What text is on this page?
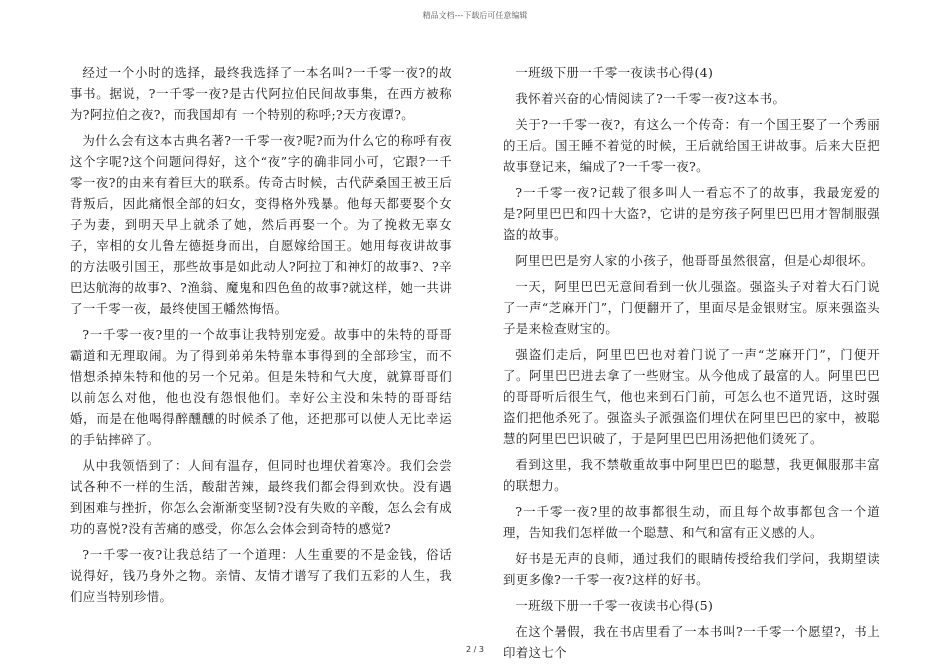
精品文档---下载后可任意编辑

经过一个小时的选择，最终我选择了一本名叫?一千零一夜?的故事书。据说，?一千零一夜?是古代阿拉伯民间故事集，在西方被称为?阿拉伯之夜?，而我国却有 一个特别的称呼;?天方夜谭?。

为什么会有这本古典名著?一千零一夜?呢?而为什么它的称呼有夜这个字呢?这个问题问得好，这个“夜”字的确非同小可，它跟?一千零一夜?的由来有着巨大的联系。传奇古时候，古代萨桑国王被王后背叛后，因此痛恨全部的妇女，变得格外残暴。他每天都要娶个女子为妻，到明天早上就杀了她，然后再娶一个。为了挽救无辜女子，宰相的女儿鲁左德挺身而出，自愿嫁给国王。她用每夜讲故事的方法吸引国王，那些故事是如此动人?阿拉丁和神灯的故事?、?辛巴达航海的故事?、?渔翁、魔鬼和四色鱼的故事?就这样，她一共讲了一千零一夜，最终使国王幡然悔悟。

?一千零一夜?里的一个故事让我特别宠爱。故事中的朱特的哥哥霸道和无理取闹。为了得到弟弟朱特靠本事得到的全部珍宝，而不惜想杀掉朱特和他的另一个兄弟。但是朱特和气大度，就算哥哥们以前怎么对他，他也没有怨恨他们。幸好公主没和朱特的哥哥结婚，而是在他喝得醉醺醺的时候杀了他，还把那可以使人无比幸运的手钻摔碎了。

从中我领悟到了：人间有温存，但同时也埋伏着寒冷。我们会尝试各种不一样的生活，酸甜苦辣，最终我们都会得到欢快。没有遇到困难与挫折，你怎么会渐渐变坚韧?没有失败的辛酸，怎么会有成功的喜悦?没有苦痛的感受，你怎么会体会到奇特的感觉?

?一千零一夜?让我总结了一个道理：人生重要的不是金钱，俗话说得好，钱乃身外之物。亲情、友情才谱写了我们五彩的人生，我们应当特别珍惜。

一班级下册一千零一夜读书心得(4)

我怀着兴奋的心情阅读了?一千零一夜?这本书。

关于?一千零一夜?，有这么一个传奇：有一个国王娶了一个秀丽的王后。国王睡不着觉的时候，王后就给国王讲故事。后来大臣把故事登记来，编成了?一千零一夜?。

?一千零一夜?记载了很多叫人一看忘不了的故事，我最宠爱的是?阿里巴巴和四十大盗?，它讲的是穷孩子阿里巴巴用才智制服强盗的故事。

阿里巴巴是穷人家的小孩子，他哥哥虽然很富，但是心却很坏。

一天，阿里巴巴无意间看到一伙儿强盗。强盗头子对着大石门说了一声“芝麻开门”，门便翻开了，里面尽是金银财宝。原来强盗头子是来检查财宝的。

强盗们走后，阿里巴巴也对着门说了一声“芝麻开门”，门便开了。阿里巴巴进去拿了一些财宝。从今他成了最富的人。阿里巴巴的哥哥听后很生气，他也来到石门前，可怎么也不道咒语，这时强盗们把他杀死了。强盗头子派强盗们埋伏在阿里巴巴的家中，被聪慧的阿里巴巴识破了，于是阿里巴巴用汤把他们烫死了。

看到这里，我不禁敬重故事中阿里巴巴的聪慧，我更佩服那丰富的联想力。

?一千零一夜?里的故事都很生动，而且每个故事都包含一个道理，告知我们怎样做一个聪慧、和气和富有正义感的人。

好书是无声的良师，通过我们的眼睛传授给我们学问，我期望读到更多像?一千零一夜?这样的好书。

一班级下册一千零一夜读书心得(5)

在这个暑假，我在书店里看了一本书叫?一千零一个愿望?，书上印着这七个

2 / 3
